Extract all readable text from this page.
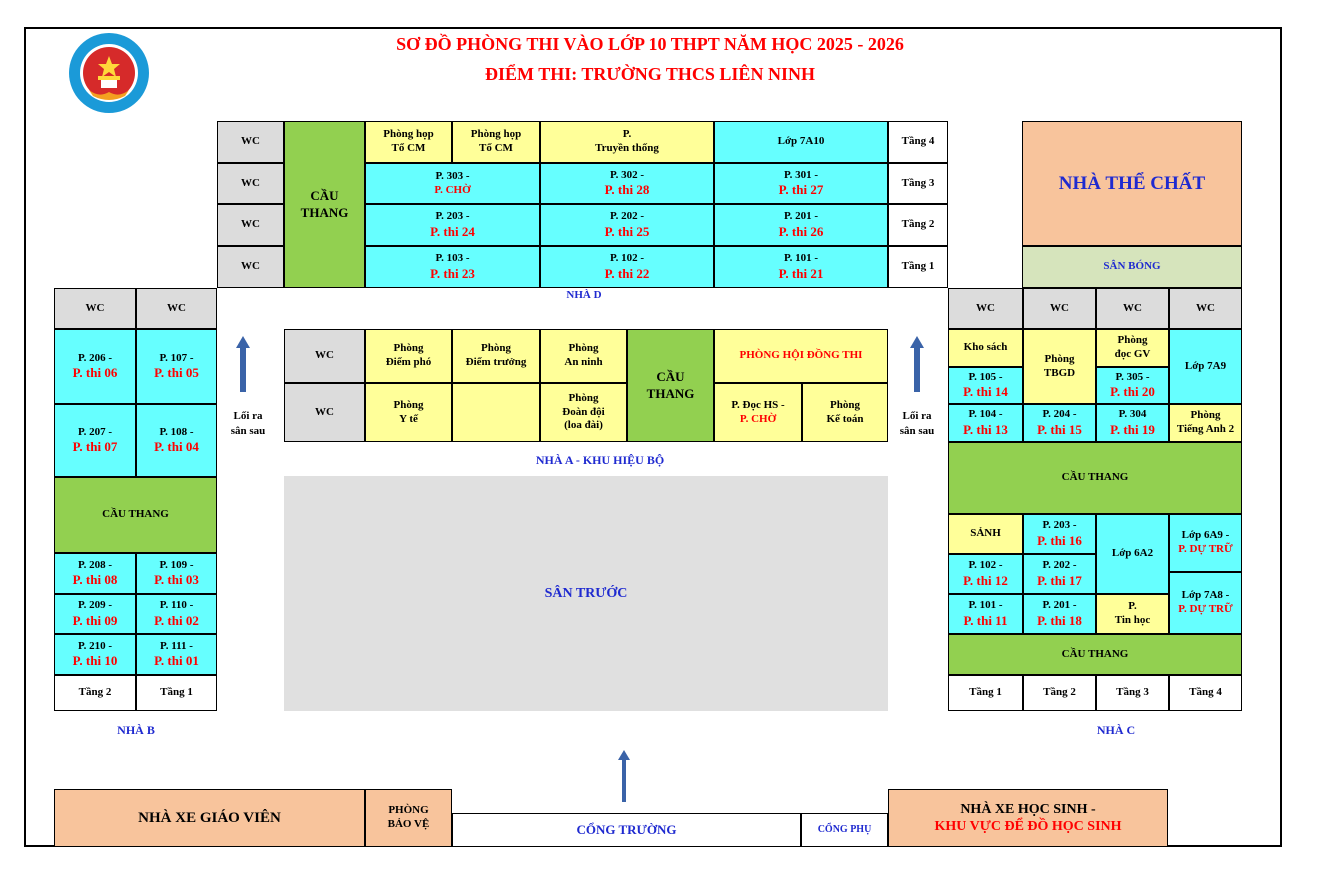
SƠ ĐỒ PHÒNG THI VÀO LỚP 10 THPT NĂM HỌC 2025 - 2026
ĐIỂM THI: TRƯỜNG THCS LIÊN NINH
WC
WC
WC
WC
CẦU
THANG
Phòng họp
Tổ CM
Phòng họp
Tổ CM
P.
Truyền thống
Lớp 7A10
P. 303 -
P. CHỜ
P. 302 -
P. thi 28
P. 301 -
P. thi 27
P. 203 -
P. thi 24
P. 202 -
P. thi 25
P. 201 -
P. thi 26
P. 103 -
P. thi 23
P. 102 -
P. thi 22
P. 101 -
P. thi 21
Tầng 4
Tầng 3
Tầng 2
Tầng 1
NHÀ D
NHÀ THỂ CHẤT
SÂN BÓNG
WC	WC
P. 206 -
P. thi 06
P. 107 -
P. thi 05
P. 207 -
P. thi 07
P. 108 -
P. thi 04
CẦU THANG
P. 208 -
P. thi 08
P. 109 -
P. thi 03
P. 209 -
P. thi 09
P. 110 -
P. thi 02
P. 210 -
P. thi 10
P. 111 -
P. thi 01
Tầng 2	Tầng 1
NHÀ B
Lối ra
sân sau
Lối ra
sân sau
WC
WC
Phòng
Điểm phó
Phòng
Điểm trưởng
Phòng
An ninh
Phòng
Y tế
Phòng
Đoàn đội
(loa đài)
CẦU
THANG
PHÒNG HỘI ĐỒNG THI
P. Đọc HS -
P. CHỜ
Phòng
Kế toán
NHÀ A - KHU HIỆU BỘ
SÂN TRƯỚC
WC	WC	WC	WC
Kho sách
Phòng
TBGD
Phòng
đọc GV
Lớp 7A9
P. 105 -
P. thi 14
P. 305 -
P. thi 20
P. 104 -
P. thi 13
P. 204 -
P. thi 15
P. 304
P. thi 19
Phòng
Tiếng Anh 2
CẦU THANG
SẢNH
P. 203 -
P. thi 16
Lớp 6A2
Lớp 6A9 -
P. DỰ TRỮ
P. 102 -
P. thi 12
P. 202 -
P. thi 17
Lớp 7A8 -
P. DỰ TRỮ
P. 101 -
P. thi 11
P. 201 -
P. thi 18
P.
Tin học
CẦU THANG
Tầng 1	Tầng 2	Tầng 3	Tầng 4
NHÀ C
NHÀ XE GIÁO VIÊN	PHÒNG
BẢO VỆ	CỔNG TRƯỜNG	CỔNG PHỤ
NHÀ XE HỌC SINH -
KHU VỰC ĐỂ ĐỒ HỌC SINH
